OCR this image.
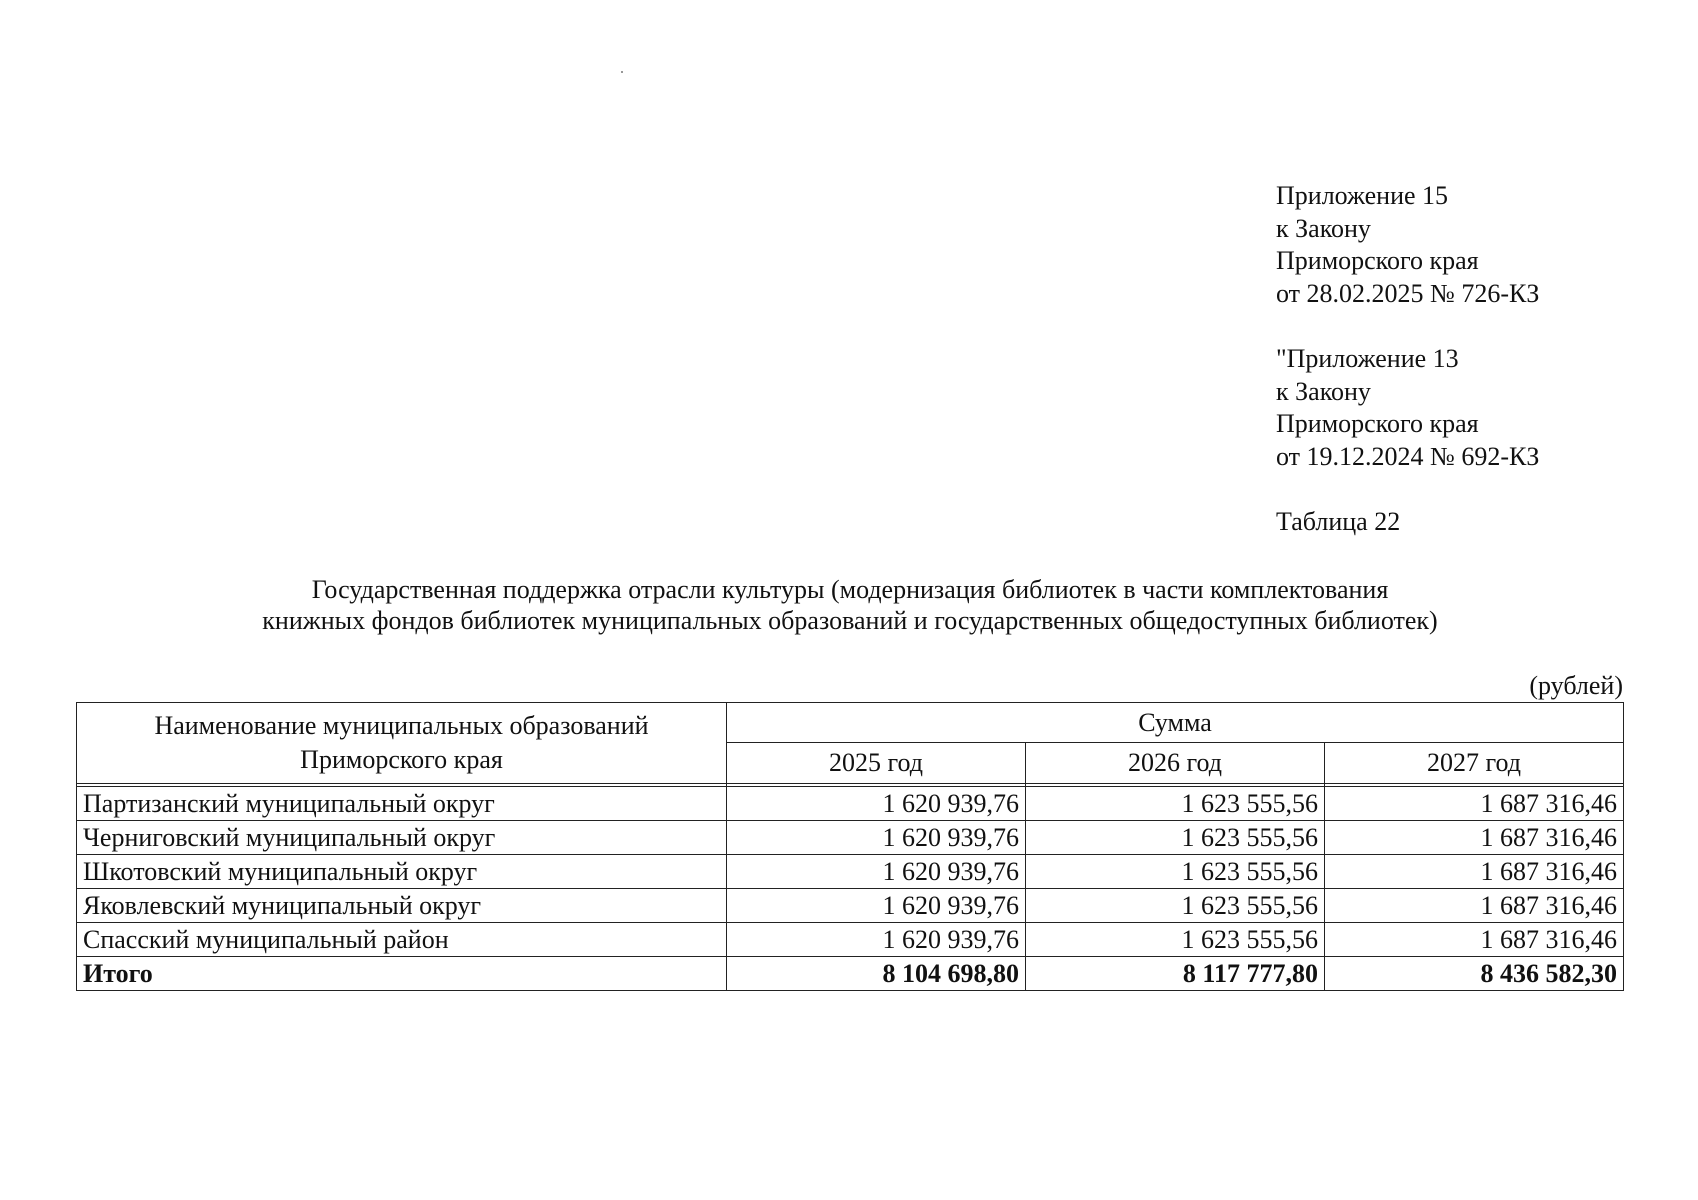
Приложение 15
к Закону
Приморского края
от 28.02.2025 № 726-КЗ
"Приложение 13
к Закону
Приморского края
от 19.12.2024 № 692-КЗ
Таблица 22
Государственная поддержка отрасли культуры (модернизация библиотек в части комплектования
книжных фондов библиотек муниципальных образований и государственных общедоступных библиотек)
(рублей)
Наименование муниципальных образований
Приморского края	Сумма		
	2025 год	2026 год	2027 год

Партизанский муниципальный округ	1 620 939,76	1 623 555,56	1 687 316,46
Черниговский муниципальный округ	1 620 939,76	1 623 555,56	1 687 316,46
Шкотовский муниципальный округ	1 620 939,76	1 623 555,56	1 687 316,46
Яковлевский муниципальный округ	1 620 939,76	1 623 555,56	1 687 316,46
Спасский муниципальный район	1 620 939,76	1 623 555,56	1 687 316,46
Итого	8 104 698,80	8 117 777,80	8 436 582,30
